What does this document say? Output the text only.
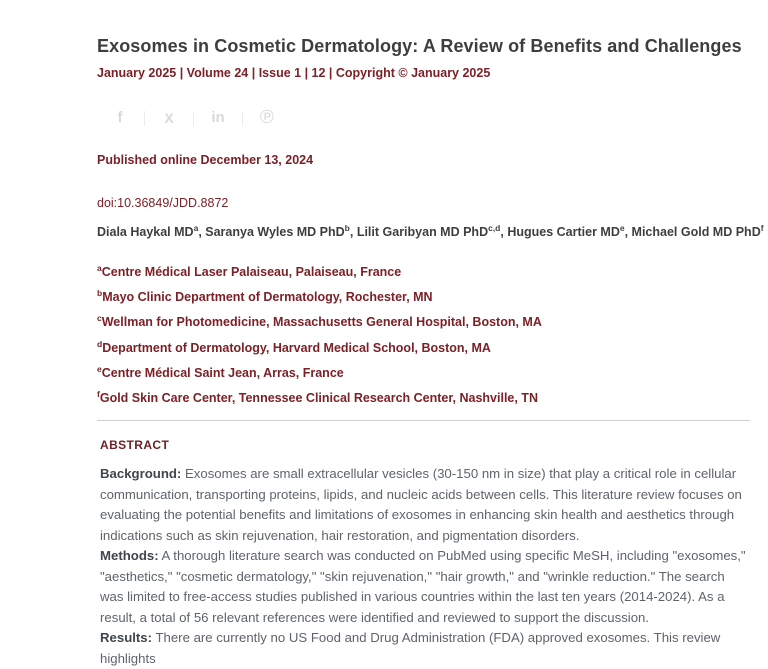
Exosomes in Cosmetic Dermatology: A Review of Benefits and Challenges
January 2025 | Volume 24 | Issue 1 | 12 | Copyright © January 2025
f	X	in	℗
Published online December 13, 2024
doi:10.36849/JDD.8872
Diala Haykal $MD^a$, Saranya Wyles MD PhD$^b$, Lilit Garibyan MD PhD$^{c,d}$, Hugues Cartier MDe, Michael Gold MD PhD$^f$
$^a$Centre Médical Laser Palaiseau, Palaiseau, France
$^b$Mayo Clinic Department of Dermatology, Rochester, MN
$^c$Wellman for Photomedicine, Massachusetts General Hospital, Boston, MA
$^d$Department of Dermatology, Harvard Medical School, Boston, MA
$^e$Centre Médical Saint Jean, Arras, France
$^f$Gold Skin Care Center, Tennessee Clinical Research Center, Nashville, TN
ABSTRACT

Background: Exosomes are small extracellular vesicles (30-150 nm in size) that play a critical role in cellular communication, transporting proteins, lipids, and nucleic acids between cells. This literature review focuses on evaluating the potential benefits and limitations of exosomes in enhancing skin health and aesthetics through indications such as skin rejuvenation, hair restoration, and pigmentation disorders.

Methods: A thorough literature search was conducted on PubMed using specific MeSH, including "exosomes," "aesthetics," "cosmetic dermatology," "skin rejuvenation," "hair growth," and "wrinkle reduction." The search was limited to free-access studies published in various countries within the last ten years (2014-2024). As a result, a total of 56 relevant references were identified and reviewed to support the discussion.

Results: There are currently no US Food and Drug Administration (FDA) approved exosomes. This review highlights
